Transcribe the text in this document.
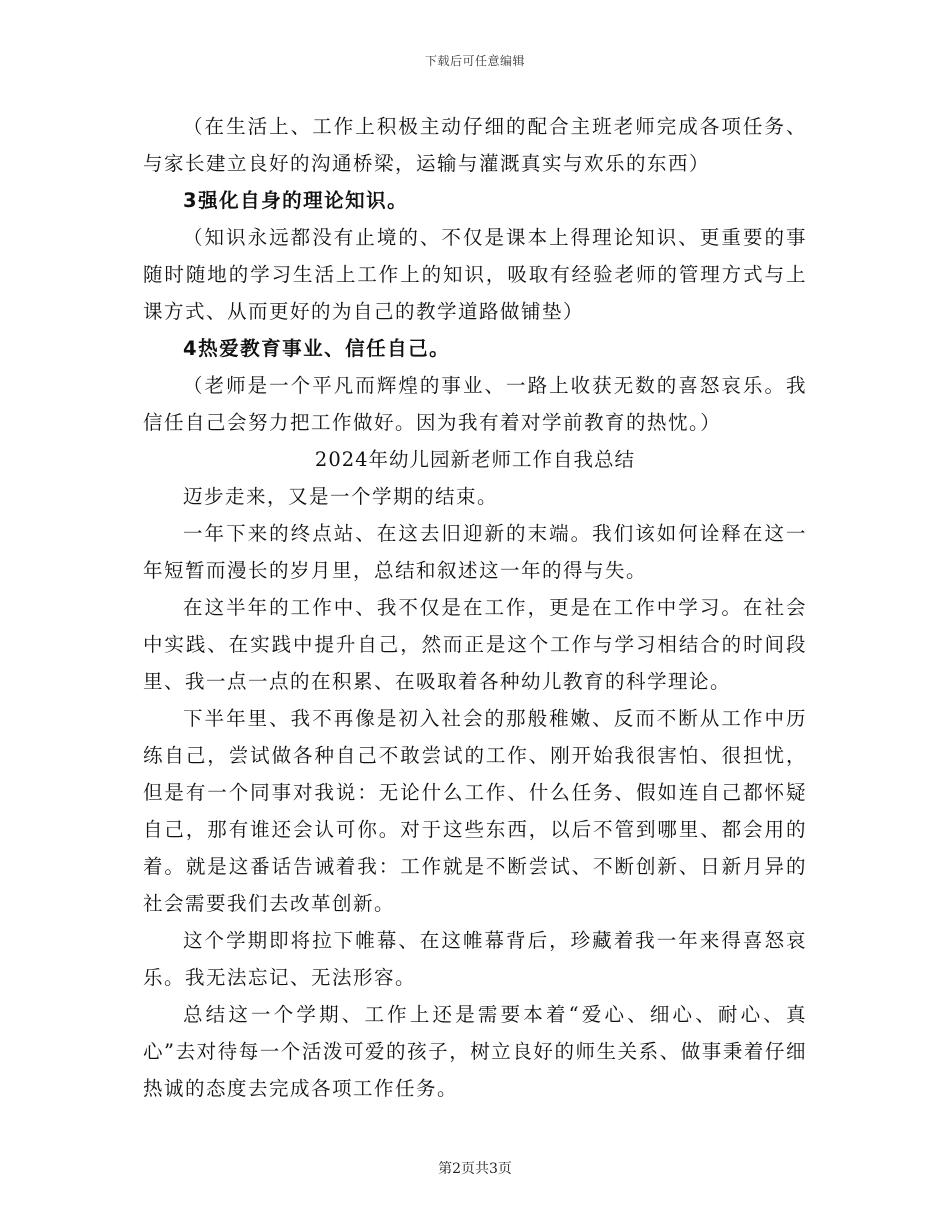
下载后可任意编辑

（在生活上、工作上积极主动仔细的配合主班老师完成各项任务、与家长建立良好的沟通桥梁，运输与灌溉真实与欢乐的东西）

3强化自身的理论知识。

（知识永远都没有止境的、不仅是课本上得理论知识、更重要的事随时随地的学习生活上工作上的知识，吸取有经验老师的管理方式与上课方式、从而更好的为自己的教学道路做铺垫）

4热爱教育事业、信任自己。

（老师是一个平凡而辉煌的事业、一路上收获无数的喜怒哀乐。我信任自己会努力把工作做好。因为我有着对学前教育的热忱。）

2024年幼儿园新老师工作自我总结

迈步走来，又是一个学期的结束。

一年下来的终点站、在这去旧迎新的末端。我们该如何诠释在这一年短暂而漫长的岁月里，总结和叙述这一年的得与失。

在这半年的工作中、我不仅是在工作，更是在工作中学习。在社会中实践、在实践中提升自己，然而正是这个工作与学习相结合的时间段里、我一点一点的在积累、在吸取着各种幼儿教育的科学理论。

下半年里、我不再像是初入社会的那般稚嫩、反而不断从工作中历练自己，尝试做各种自己不敢尝试的工作、刚开始我很害怕、很担忧，但是有一个同事对我说：无论什么工作、什么任务、假如连自己都怀疑自己，那有谁还会认可你。对于这些东西，以后不管到哪里、都会用的着。就是这番话告诫着我：工作就是不断尝试、不断创新、日新月异的社会需要我们去改革创新。

这个学期即将拉下帷幕、在这帷幕背后，珍藏着我一年来得喜怒哀乐。我无法忘记、无法形容。

总结这一个学期、工作上还是需要本着“爱心、细心、耐心、真心”去对待每一个活泼可爱的孩子，树立良好的师生关系、做事秉着仔细热诚的态度去完成各项工作任务。

第2页共3页
